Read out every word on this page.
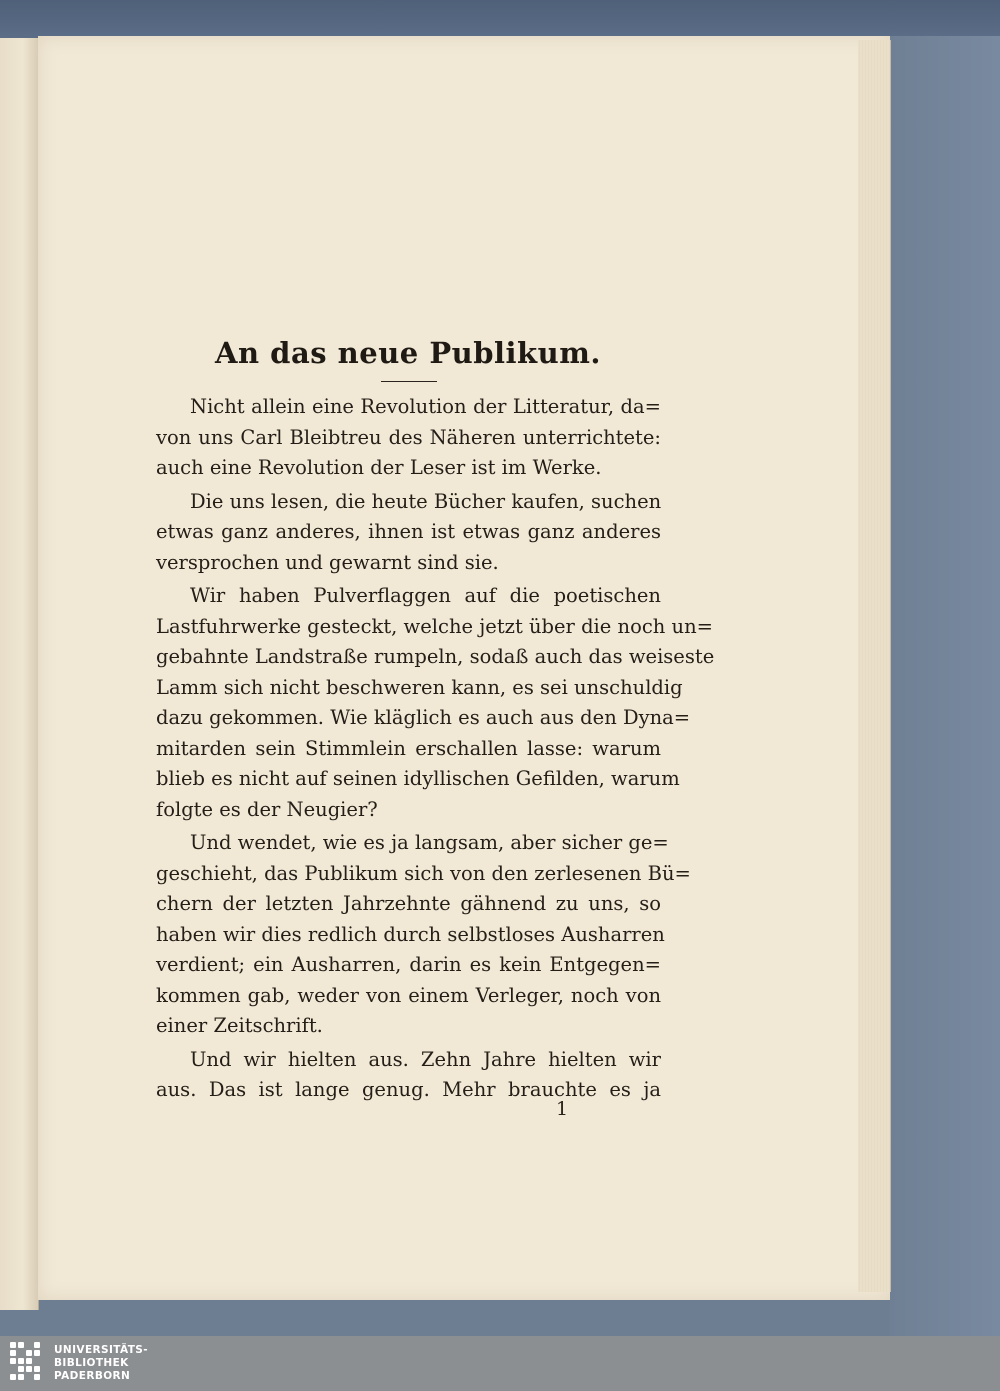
An das neue Publikum.
Nicht allein eine Revolution der Litteratur, da=
von uns Carl Bleibtreu des Näheren unterrichtete:
auch eine Revolution der Leser ist im Werke.
Die uns lesen, die heute Bücher kaufen, suchen
etwas ganz anderes, ihnen ist etwas ganz anderes
versprochen und gewarnt sind sie.
Wir haben Pulverflaggen auf die poetischen
Lastfuhrwerke gesteckt, welche jetzt über die noch un=
gebahnte Landstraße rumpeln, sodaß auch das weiseste
Lamm sich nicht beschweren kann, es sei unschuldig
dazu gekommen. Wie kläglich es auch aus den Dyna=
mitarden sein Stimmlein erschallen lasse: warum
blieb es nicht auf seinen idyllischen Gefilden, warum
folgte es der Neugier?
Und wendet, wie es ja langsam, aber sicher ge=
geschieht, das Publikum sich von den zerlesenen Bü=
chern der letzten Jahrzehnte gähnend zu uns, so
haben wir dies redlich durch selbstloses Ausharren
verdient; ein Ausharren, darin es kein Entgegen=
kommen gab, weder von einem Verleger, noch von
einer Zeitschrift.
Und wir hielten aus. Zehn Jahre hielten wir
aus. Das ist lange genug. Mehr brauchte es ja
1
UNIVERSITÄTS-
BIBLIOTHEK
PADERBORN
